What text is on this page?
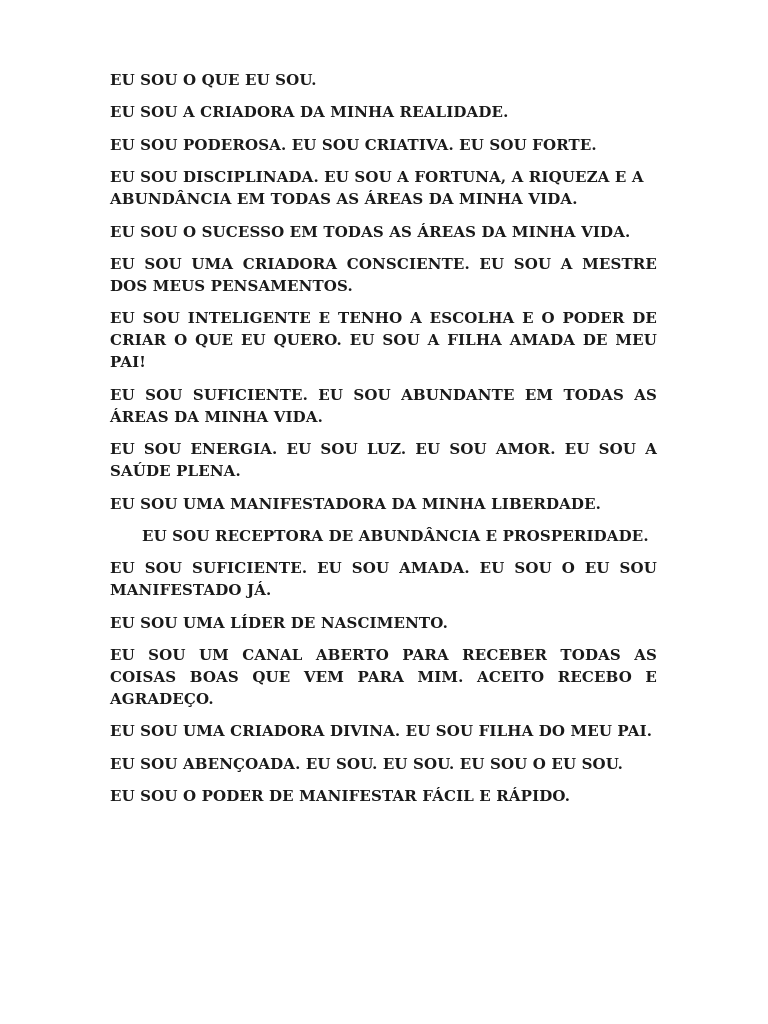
EU SOU O QUE EU SOU.

EU SOU A CRIADORA DA MINHA REALIDADE.

EU SOU PODEROSA. EU SOU CRIATIVA. EU SOU FORTE.

EU SOU DISCIPLINADA. EU SOU A FORTUNA, A RIQUEZA E A ABUNDÂNCIA EM TODAS AS ÁREAS DA MINHA VIDA.

EU SOU O SUCESSO EM TODAS AS ÁREAS DA MINHA VIDA.

EU SOU UMA CRIADORA CONSCIENTE. EU SOU A MESTRE DOS MEUS PENSAMENTOS.

EU SOU INTELIGENTE E TENHO A ESCOLHA E O PODER DE CRIAR O QUE EU QUERO. EU SOU A FILHA AMADA DE MEU PAI!

EU SOU SUFICIENTE. EU SOU ABUNDANTE EM TODAS AS ÁREAS DA MINHA VIDA.

EU SOU ENERGIA. EU SOU LUZ. EU SOU AMOR. EU SOU A SAÚDE PLENA.

EU SOU UMA MANIFESTADORA DA MINHA LIBERDADE.

EU SOU RECEPTORA DE ABUNDÂNCIA E PROSPERIDADE.

EU SOU SUFICIENTE. EU SOU AMADA. EU SOU O EU SOU MANIFESTADO JÁ.

EU SOU UMA LÍDER DE NASCIMENTO.

EU SOU UM CANAL ABERTO PARA RECEBER TODAS AS COISAS BOAS QUE VEM PARA MIM. ACEITO RECEBO E AGRADEÇO.

EU SOU UMA CRIADORA DIVINA. EU SOU FILHA DO MEU PAI.

EU SOU ABENÇOADA. EU SOU. EU SOU. EU SOU O EU SOU.

EU SOU O PODER DE MANIFESTAR FÁCIL E RÁPIDO.
